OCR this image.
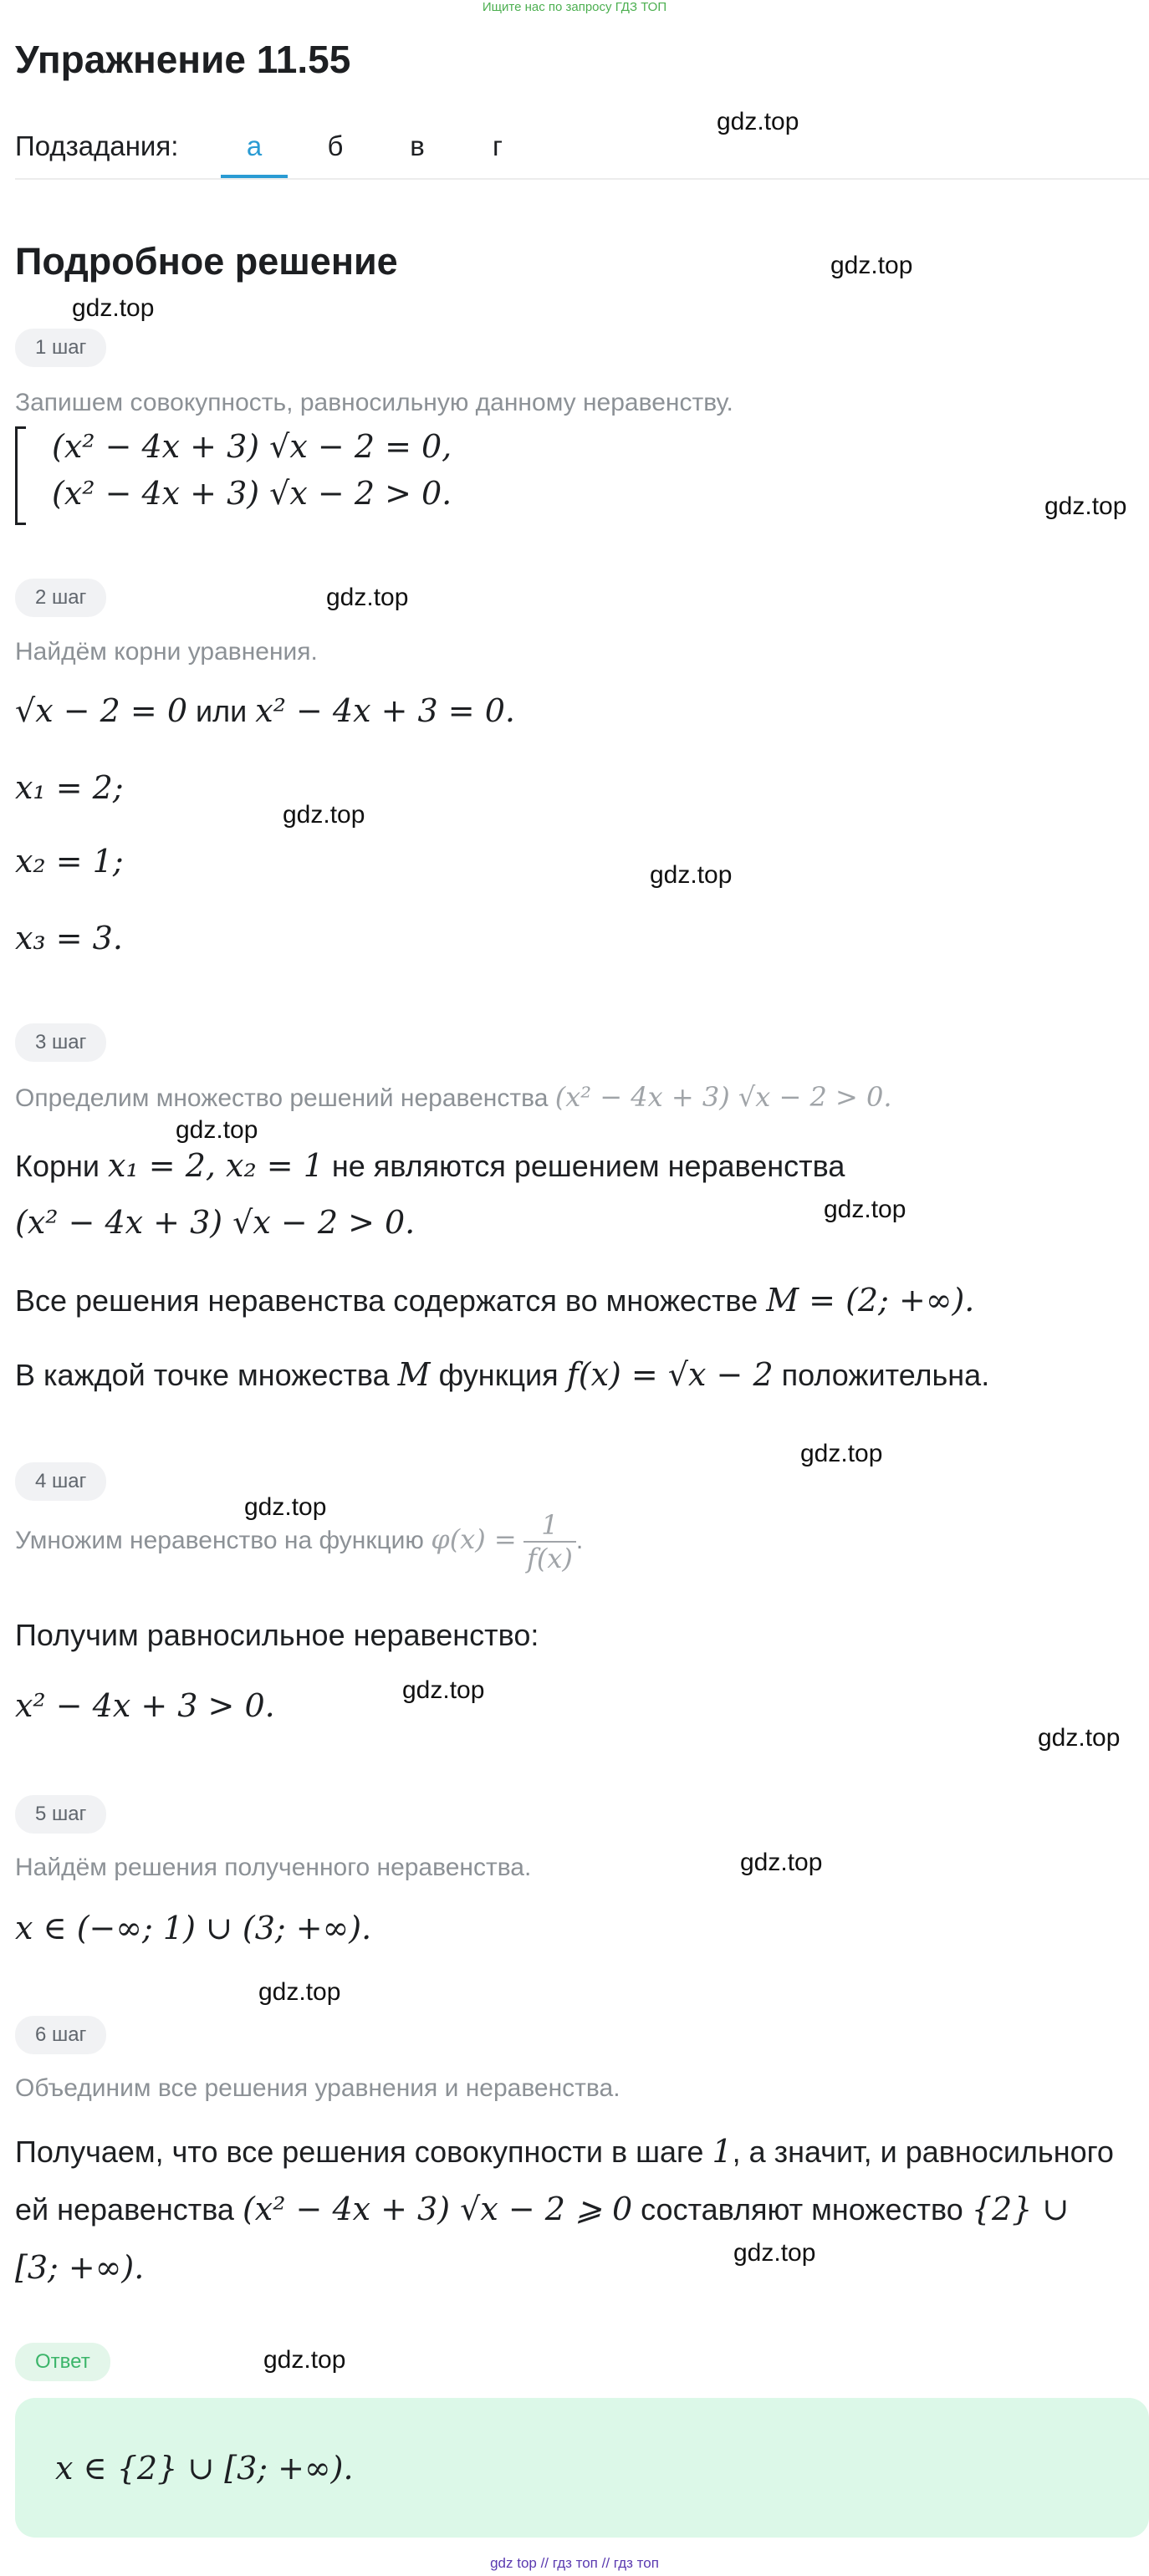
Ищите нас по запросу ГДЗ ТОП
Упражнение 11.55
Подзадания:	а	б	в	г
Подробное решение
gdz.top
gdz.top
gdz.top
gdz.top
gdz.top
gdz.top
gdz.top
gdz.top
gdz.top
gdz.top
gdz.top
gdz.top
gdz.top
gdz.top
gdz.top
gdz.top
gdz.top
1 шаг
Запишем совокупность, равносильную данному неравенству.
(x² − 4x + 3) √x − 2 = 0,
(x² − 4x + 3) √x − 2 > 0.
2 шаг
Найдём корни уравнения.
√x − 2 = 0 или x² − 4x + 3 = 0.
x₁ = 2;
x₂ = 1;
x₃ = 3.
3 шаг
Определим множество решений неравенства (x² − 4x + 3) √x − 2 > 0.
Корни x₁ = 2, x₂ = 1 не являются решением неравенства
(x² − 4x + 3) √x − 2 > 0.
Все решения неравенства содержатся во множестве M = (2; +∞).
В каждой точке множества M функция f(x) = √x − 2 положительна.
4 шаг
Умножим неравенство на функцию $\varphi(x) = \frac{1}{f(x)}$ .
Получим равносильное неравенство:
x² − 4x + 3 > 0.
5 шаг
Найдём решения полученного неравенства.
x ∈ (−∞; 1) ∪ (3; +∞).
6 шаг
Объединим все решения уравнения и неравенства.
Получаем, что все решения совокупности в шаге 1, а значит, и равносильного
ей неравенства (x² − 4x + 3) √x − 2 ⩾ 0 составляют множество {2} ∪
[3; +∞).
Ответ
x ∈ {2} ∪ [3; +∞).
gdz top // гдз топ // гдз топ
